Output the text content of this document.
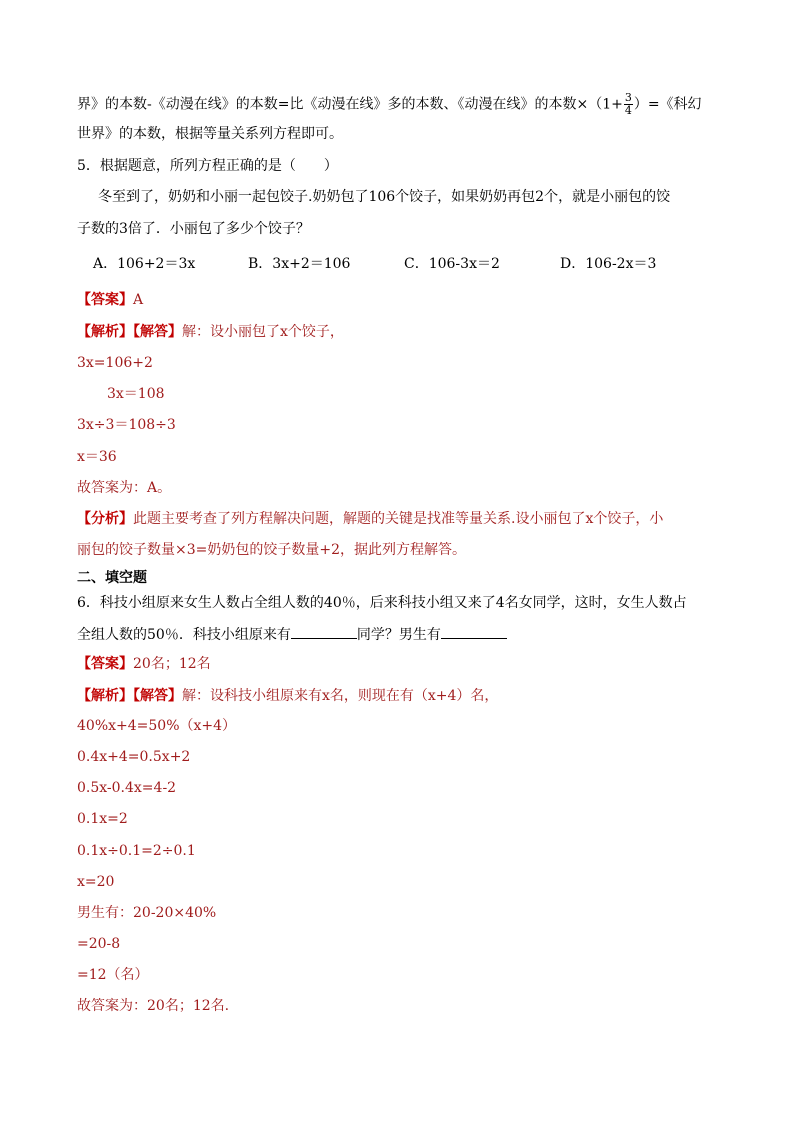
界》的本数-《动漫在线》的本数=比《动漫在线》多的本数、《动漫在线》的本数$\times(1+ \frac{3}{4}$ ）=《科幻
世界》的本数，根据等量关系列方程即可。
5．根据题意，所列方程正确的是（　　）
冬至到了，奶奶和小丽一起包饺子.奶奶包了106个饺子，如果奶奶再包2个，就是小丽包的饺
子数的3倍了．小丽包了多少个饺子？
A．106+2＝3x	B．3x+2＝106	C．106-3x＝2	D．106-2x＝3
【答案】A
【解析】【解答】解：设小丽包了x个饺子，
3x=106+2
3x＝108
3x÷3＝108÷3
x＝36
故答案为：A。
【分析】此题主要考查了列方程解决问题，解题的关键是找准等量关系.设小丽包了x个饺子，小
丽包的饺子数量×3=奶奶包的饺子数量+2，据此列方程解答。
二、填空题
6．科技小组原来女生人数占全组人数的40％，后来科技小组又来了4名女同学，这时，女生人数占
全组人数的50％．科技小组原来有	同学？男生有
【答案】20名；12名
【解析】【解答】解：设科技小组原来有x名，则现在有（x+4）名，
40%x+4=50%（x+4）
0.4x+4=0.5x+2
0.5x-0.4x=4-2
0.1x=2
0.1x÷0.1=2÷0.1
x=20
男生有：20-20×40%
=20-8
=12（名）
故答案为：20名；12名.
